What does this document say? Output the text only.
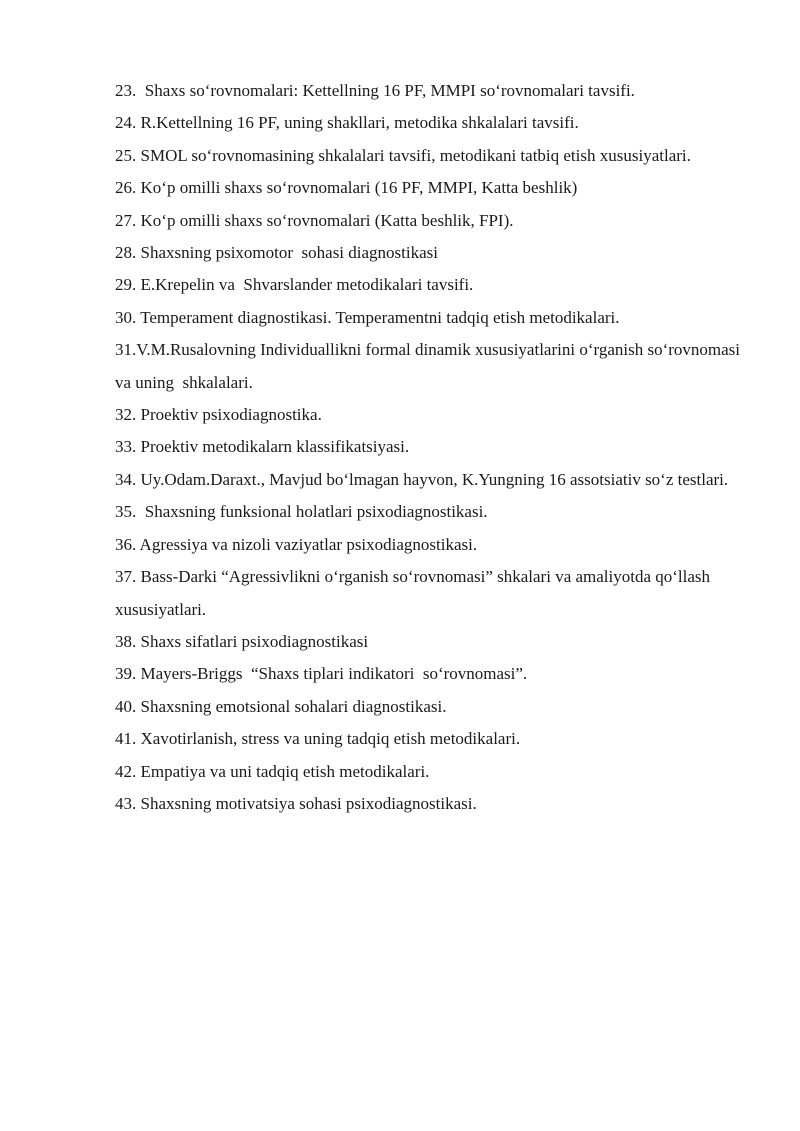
23.  Shaxs soʻrovnomalari: Kettellning 16 PF, MMPI soʻrovnomalari tavsifi.

24. R.Kettellning 16 PF, uning shakllari, metodika shkalalari tavsifi.

25. SMOL soʻrovnomasining shkalalari tavsifi, metodikani tatbiq etish xususiyatlari.

26. Koʻp omilli shaxs soʻrovnomalari (16 PF, MMPI, Katta beshlik)

27. Koʻp omilli shaxs soʻrovnomalari (Katta beshlik, FPI).

28. Shaxsning psixomotor  sohasi diagnostikasi

29. E.Krepelin va  Shvarslander metodikalari tavsifi.

30. Temperament diagnostikasi. Temperamentni tadqiq etish metodikalari.

31.V.M.Rusalovning Individuallikni formal dinamik xususiyatlarini oʻrganish soʻrovnomasi va uning  shkalalari.

32. Proektiv psixodiagnostika.

33. Proektiv metodikalarn klassifikatsiyasi.

34. Uy.Odam.Daraxt., Mavjud boʻlmagan hayvon, K.Yungning 16 assotsiativ soʻz testlari.

35.  Shaxsning funksional holatlari psixodiagnostikasi.

36. Agressiya va nizoli vaziyatlar psixodiagnostikasi.

37. Bass-Darki “Agressivlikni oʻrganish soʻrovnomasi” shkalari va amaliyotda qoʻllash xususiyatlari.

38. Shaxs sifatlari psixodiagnostikasi

39. Mayers-Briggs  “Shaxs tiplari indikatori  soʻrovnomasi”.

40. Shaxsning emotsional sohalari diagnostikasi.

41. Xavotirlanish, stress va uning tadqiq etish metodikalari.

42. Empatiya va uni tadqiq etish metodikalari.

43. Shaxsning motivatsiya sohasi psixodiagnostikasi.
